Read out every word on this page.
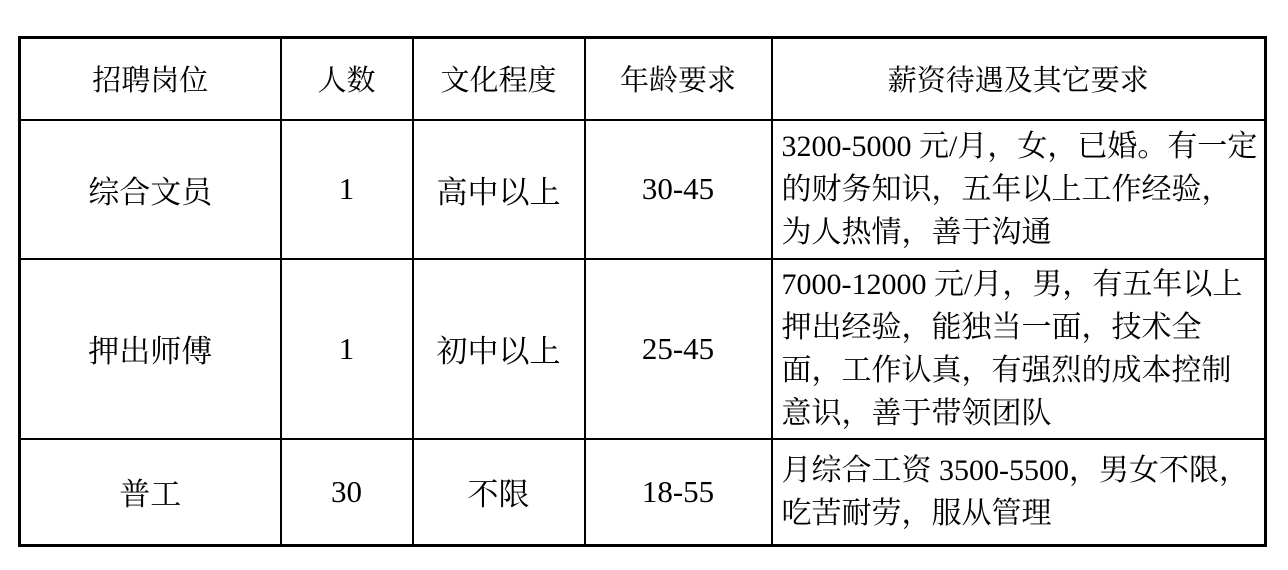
招聘岗位	人数	文化程度	年龄要求	薪资待遇及其它要求
综合文员	1	高中以上	30-45	3200-5000 元/月，女，已婚。有一定的财务知识，五年以上工作经验，为人热情，善于沟通
押出师傅	1	初中以上	25-45	7000-12000 元/月，男，有五年以上押出经验，能独当一面，技术全面，工作认真，有强烈的成本控制意识，善于带领团队
普工	30	不限	18-55	月综合工资 3500-5500，男女不限，吃苦耐劳，服从管理
